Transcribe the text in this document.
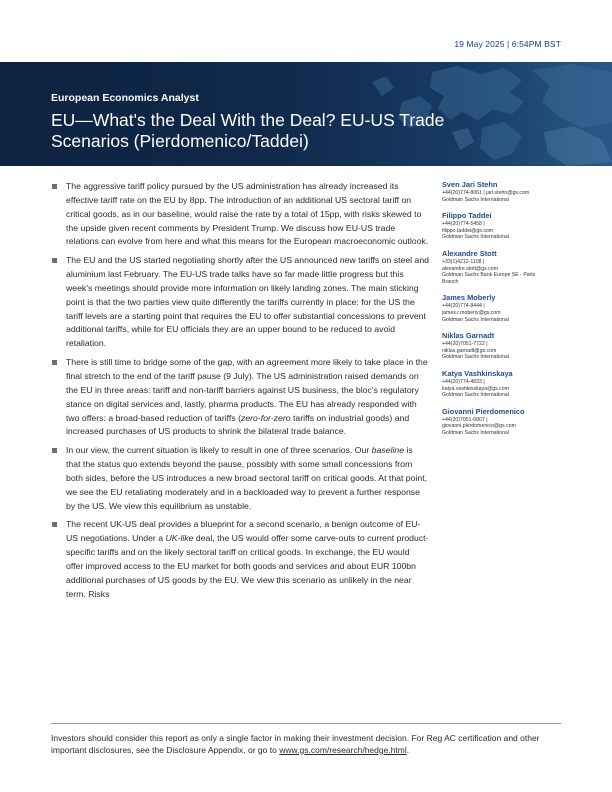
19 May 2025 | 6:54PM BST
European Economics Analyst
EU—What's the Deal With the Deal? EU-US Trade Scenarios (Pierdomenico/Taddei)
The aggressive tariff policy pursued by the US administration has already increased its effective tariff rate on the EU by 8pp. The introduction of an additional US sectoral tariff on critical goods, as in our baseline, would raise the rate by a total of 15pp, with risks skewed to the upside given recent comments by President Trump. We discuss how EU-US trade relations can evolve from here and what this means for the European macroeconomic outlook.
The EU and the US started negotiating shortly after the US announced new tariffs on steel and aluminium last February. The EU-US trade talks have so far made little progress but this week's meetings should provide more information on likely landing zones. The main sticking point is that the two parties view quite differently the tariffs currently in place: for the US the tariff levels are a starting point that requires the EU to offer substantial concessions to prevent additional tariffs, while for EU officials they are an upper bound to be reduced to avoid retaliation.
There is still time to bridge some of the gap, with an agreement more likely to take place in the final stretch to the end of the tariff pause (9 July). The US administration raised demands on the EU in three areas: tariff and non-tariff barriers against US business, the bloc's regulatory stance on digital services and, lastly, pharma products. The EU has already responded with two offers: a broad-based reduction of tariffs (zero-for-zero tariffs on industrial goods) and increased purchases of US products to shrink the bilateral trade balance.
In our view, the current situation is likely to result in one of three scenarios. Our baseline is that the status quo extends beyond the pause, possibly with some small concessions from both sides, before the US introduces a new broad sectoral tariff on critical goods. At that point, we see the EU retaliating moderately and in a backloaded way to prevent a further response by the US. We view this equilibrium as unstable.
The recent UK-US deal provides a blueprint for a second scenario, a benign outcome of EU-US negotiations. Under a UK-like deal, the US would offer some carve-outs to current product-specific tariffs and on the likely sectoral tariff on critical goods. In exchange, the EU would offer improved access to the EU market for both goods and services and about EUR 100bn additional purchases of US goods by the EU. We view this scenario as unlikely in the near term. Risks
Sven Jari Stehn
+44(20)774-8061 | jari.stehn@gs.com
Goldman Sachs International
Filippo Taddei
+44(20)774-5458 |
filippo.taddei@gs.com
Goldman Sachs International
Alexandre Stott
+33(1)4212-1108 |
alexandre.stott@gs.com
Goldman Sachs Bank Europe SE - Paris
Branch
James Moberly
+44(20)774-8444 |
james.r.moberly@gs.com
Goldman Sachs International
Niklas Garnadt
+44(20)7051-7722 |
niklas.garnadt@gs.com
Goldman Sachs International
Katya Vashkinskaya
+44(20)774-4833 |
katya.vashkinskaya@gs.com
Goldman Sachs International
Giovanni Pierdomenico
+44(20)7051-6807 |
giovanni.pierdomenico@gs.com
Goldman Sachs International
Investors should consider this report as only a single factor in making their investment decision. For Reg AC certification and other important disclosures, see the Disclosure Appendix, or go to www.gs.com/research/hedge.html.
